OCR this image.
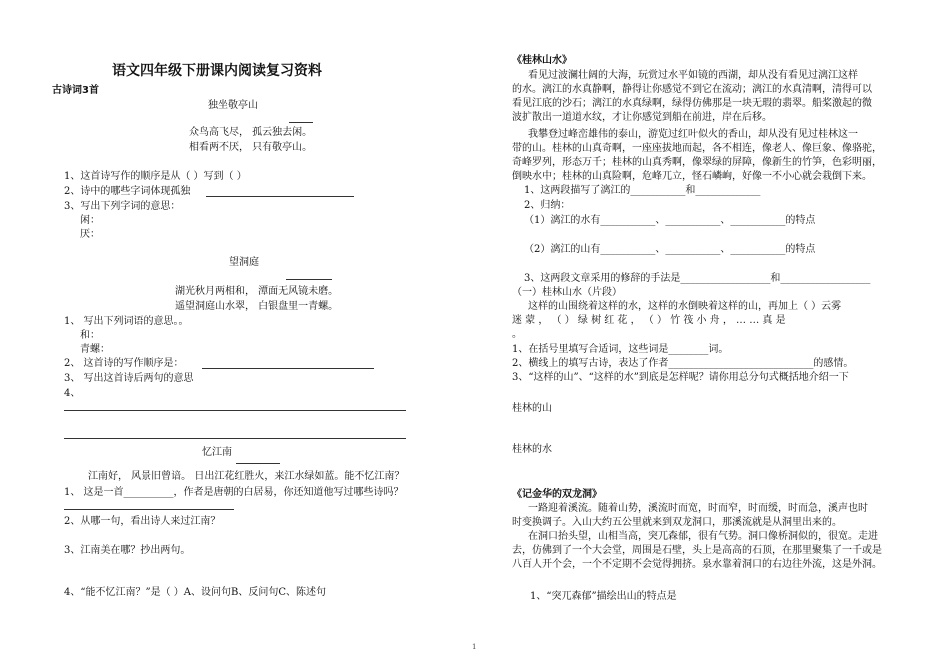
语文四年级下册课内阅读复习资料
古诗词3首
独坐敬亭山
众鸟高飞尽， 孤云独去闲。
相看两不厌， 只有敬亭山。
1、这首诗写作的顺序是从（ ）写到（ ）
2、诗中的哪些字词体现孤独
3、写出下列字词的意思：
闲：
厌：
望洞庭
湖光秋月两相和， 潭面无风镜未磨。
遥望洞庭山水翠， 白银盘里一青螺。
1、 写出下列词语的意思。。
和：
青螺：
2、 这首诗的写作顺序是：
3、 写出这首诗后两句的意思
4、
忆江南
江南好， 风景旧曾谙。 日出江花红胜火，来江水绿如蓝。能不忆江南？
1、 这是一首__________，作者是唐朝的白居易，你还知道他写过哪些诗吗？
2、从哪一句，看出诗人来过江南？
3、江南美在哪？抄出两句。
4、“能不忆江南？”是（ ）A、设问句B、反问句C、陈述句
《桂林山水》
看见过波澜壮阔的大海，玩赏过水平如镜的西湖，却从没有看见过漓江这样
的水。漓江的水真静啊，静得让你感觉不到它在流动；漓江的水真清啊，清得可以
看见江底的沙石；漓江的水真绿啊，绿得仿佛那是一块无瑕的翡翠。船桨激起的微
波扩散出一道道水纹，才让你感觉到船在前进，岸在后移。
我攀登过峰峦雄伟的泰山，游览过红叶似火的香山，却从没有见过桂林这一
带的山。桂林的山真奇啊，一座座拔地而起，各不相连，像老人、像巨象、像骆驼，
奇峰罗列，形态万千；桂林的山真秀啊，像翠绿的屏障，像新生的竹笋，色彩明丽，
倒映水中；桂林的山真险啊，危峰兀立，怪石嶙峋，好像一不小心就会栽倒下来。
1、这两段描写了漓江的___________和_____________
2、归纳：
（1）漓江的水有___________、___________、___________的特点
（2）漓江的山有___________、___________、___________的特点
3、这两段文章采用的修辞的手法是__________________和__________________
（一）桂林山水（片段）
这样的山围绕着这样的水，这样的水倒映着这样的山，再加上（ ）云雾
迷 蒙 ， （ ） 绿 树 红 花 ， （ ） 竹 筏 小 舟 ， … … 真 是
。
1、在括号里填写合适词，这些词是________词。
2、横线上的填写古诗，表达了作者_____________________________的感情。
3、“这样的山”、“这样的水”到底是怎样呢？请你用总分句式概括地介绍一下
桂林的山
桂林的水
《记金华的双龙洞》
一路迎着溪流。随着山势，溪流时而宽，时而窄，时而缓，时而急，溪声也时
时变换调子。入山大约五公里就来到双龙洞口，那溪流就是从洞里出来的。
在洞口抬头望，山相当高，突兀森郁，很有气势。洞口像桥洞似的，很宽。走进
去，仿佛到了一个大会堂，周围是石壁，头上是高高的石顶，在那里聚集了一千或是
八百人开个会，一个不定期不会觉得拥挤。泉水靠着洞口的右边往外流，这是外洞。
1、“突兀森郁”描绘出山的特点是
1
